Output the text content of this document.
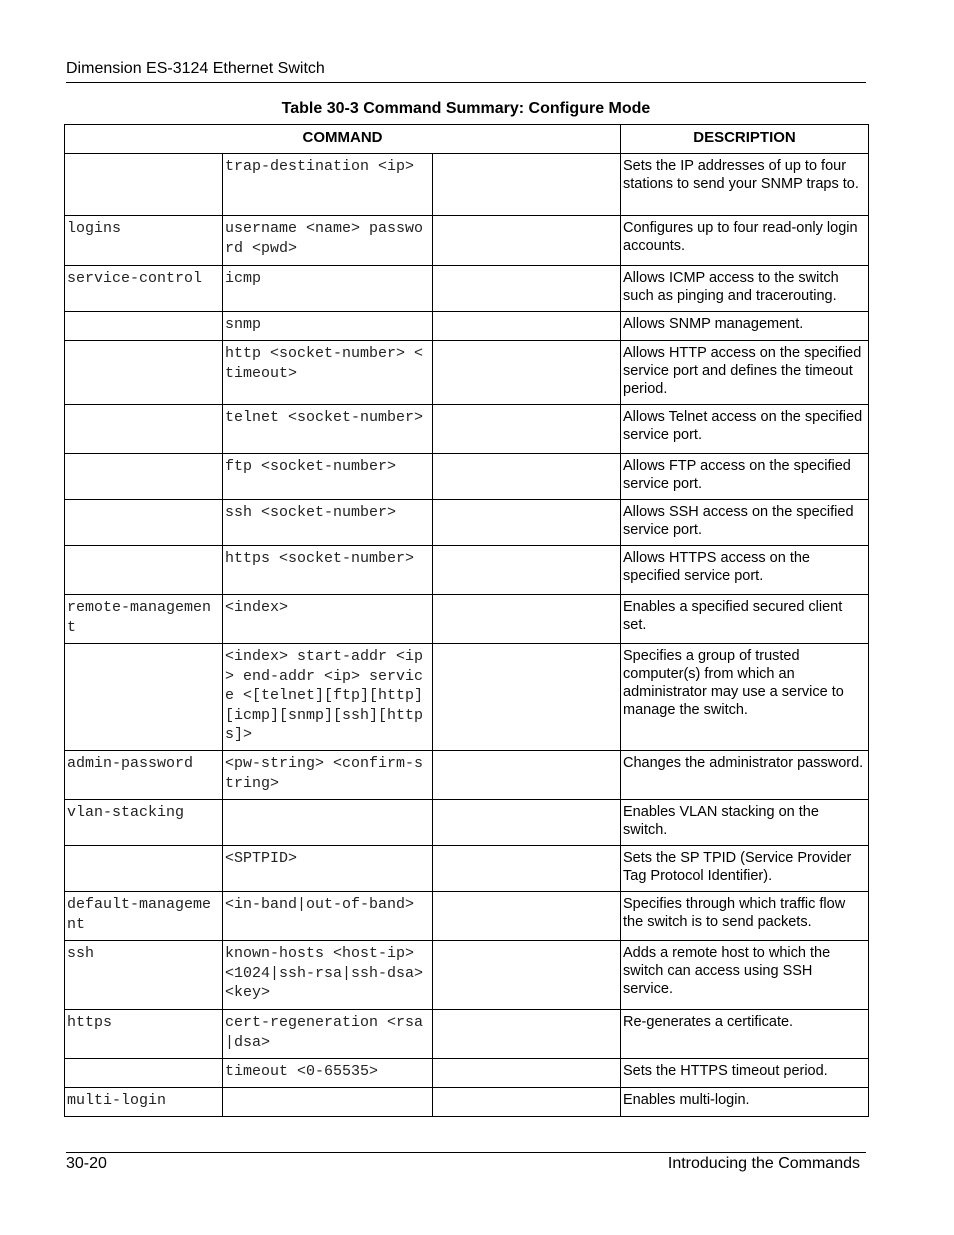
Dimension ES-3124 Ethernet Switch
Table 30-3 Command Summary: Configure Mode
COMMAND			DESCRIPTION
	trap-destination <ip>		Sets the IP addresses of up to four stations to send your SNMP traps to.
logins	username <name> password <pwd>		Configures up to four read-only login accounts.
service-control	icmp		Allows ICMP access to the switch such as pinging and tracerouting.
	snmp		Allows SNMP management.
	http <socket-number> <timeout>		Allows HTTP access on the specified service port and defines the timeout period.
	telnet <socket-number>		Allows Telnet access on the specified service port.
	ftp <socket-number>		Allows FTP access on the specified service port.
	ssh <socket-number>		Allows SSH access on the specified service port.
	https <socket-number>		Allows HTTPS access on the specified service port.
remote-management	<index>		Enables a specified secured client set.
	<index> start-addr <ip> end-addr <ip> service <[telnet][ftp][http][icmp][snmp][ssh][https]>		Specifies a group of trusted computer(s) from which an administrator may use a service to manage the switch.
admin-password	<pw-string> <confirm-string>		Changes the administrator password.
vlan-stacking			Enables VLAN stacking on the switch.
	<SPTPID>		Sets the SP TPID (Service Provider Tag Protocol Identifier).
default-management	<in-band|out-of-band>		Specifies through which traffic flow the switch is to send packets.
ssh	known-hosts <host-ip> <1024|ssh-rsa|ssh-dsa> <key>		Adds a remote host to which the switch can access using SSH service.
https	cert-regeneration <rsa|dsa>		Re-generates a certificate.
	timeout <0-65535>		Sets the HTTPS timeout period.
multi-login			Enables multi-login.
30-20	Introducing the Commands
